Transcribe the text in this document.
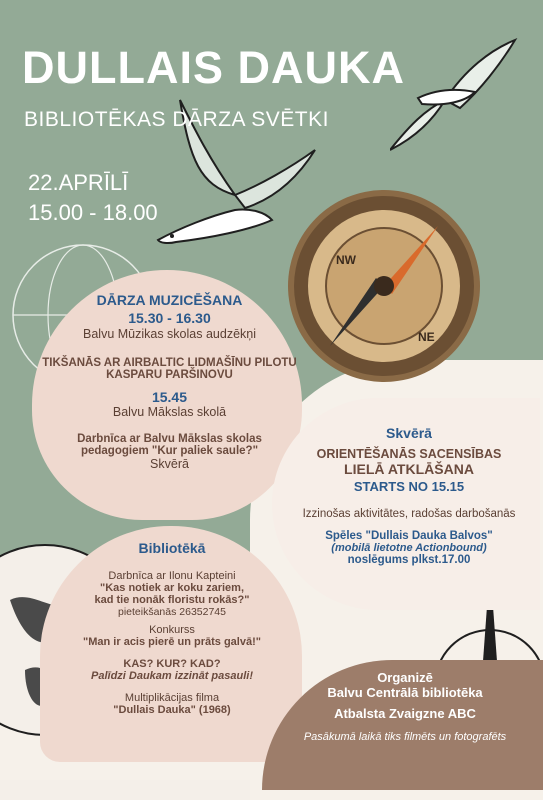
NW
NE
DULLAIS DAUKA
BIBLIOTĒKAS DĀRZA SVĒTKI
22.APRĪLĪ
15.00 - 18.00
DĀRZA MUZICĒŠANA
15.30 - 16.30
Balvu Mūzikas skolas audzēkņi
TIKŠANĀS AR AIRBALTIC LIDMAŠĪNU PILOTU
KASPARU PARŠINOVU
15.45
Balvu Mākslas skolā
Darbnīca ar Balvu Mākslas skolas
pedagogiem "Kur paliek saule?"
Skvērā
Skvērā
ORIENTĒŠANĀS SACENSĪBAS
LIELĀ ATKLĀŠANA
STARTS NO 15.15
Izzinošas aktivitātes, radošas darbošanās
Spēles "Dullais Dauka Balvos"
(mobilā lietotne Actionbound)
noslēgums plkst.17.00
Bibliotēkā
Darbnīca ar Ilonu Kapteini
"Kas notiek ar koku zariem,
kad tie nonāk floristu rokās?"
pieteikšanās 26352745
Konkurss
"Man ir acis pierē un prāts galvā!"
KAS? KUR? KAD?
Palīdzi Daukam izzināt pasauli!
Multiplikācijas filma
"Dullais Dauka" (1968)
Organizē
Balvu Centrālā bibliotēka
Atbalsta Zvaigzne ABC
Pasākumā laikā tiks filmēts un fotografēts
